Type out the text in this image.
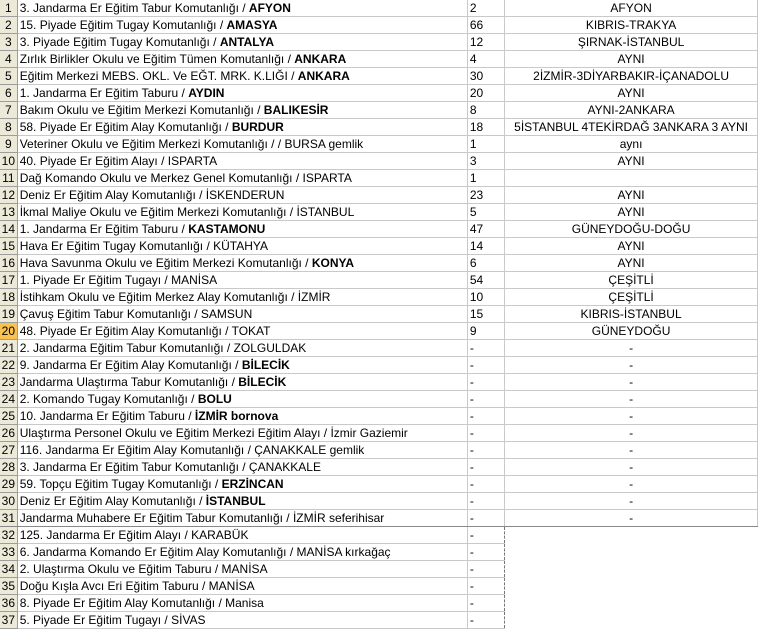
1	3. Jandarma Er Eğitim Tabur Komutanlığı / AFYON	2	AFYON
2	15. Piyade Eğitim Tugay Komutanlığı / AMASYA	66	KIBRIS-TRAKYA
3	3. Piyade Eğitim Tugay Komutanlığı / ANTALYA	12	ŞIRNAK-İSTANBUL
4	Zırlık Birlikler Okulu ve Eğitim Tümen Komutanlığı / ANKARA	4	AYNI
5	Eğitim Merkezi MEBS. OKL. Ve EĞT. MRK. K.LIĞI / ANKARA	30	2İZMİR-3DİYARBAKIR-İÇANADOLU
6	1. Jandarma Er Eğitim Taburu / AYDIN	20	AYNI
7	Bakım Okulu ve Eğitim Merkezi Komutanlığı / BALIKESİR	8	AYNI-2ANKARA
8	58. Piyade Er Eğitim Alay Komutanlığı / BURDUR	18	5İSTANBUL 4TEKİRDAĞ 3ANKARA 3 AYNI
9	Veteriner Okulu ve Eğitim Merkezi Komutanlığı / / BURSA gemlik	1	aynı
10	40. Piyade Er Eğitim Alayı / ISPARTA	3	AYNI
11	Dağ Komando Okulu ve Merkez Genel Komutanlığı / ISPARTA	1	
12	Deniz Er Eğitim Alay Komutanlığı / İSKENDERUN	23	AYNI
13	İkmal Maliye Okulu ve Eğitim Merkezi Komutanlığı / İSTANBUL	5	AYNI
14	1. Jandarma Er Eğitim Taburu / KASTAMONU	47	GÜNEYDOĞU-DOĞU
15	Hava Er Eğitim Tugay Komutanlığı / KÜTAHYA	14	AYNI
16	Hava Savunma Okulu ve Eğitim Merkezi Komutanlığı / KONYA	6	AYNI
17	1. Piyade Er Eğitim Tugayı / MANİSA	54	ÇEŞİTLİ
18	İstihkam Okulu ve Eğitim Merkez Alay Komutanlığı / İZMİR	10	ÇEŞİTLİ
19	Çavuş Eğitim Tabur Komutanlığı / SAMSUN	15	KIBRIS-İSTANBUL
20	48. Piyade Er Eğitim Alay Komutanlığı / TOKAT	9	GÜNEYDOĞU
21	2. Jandarma Eğitim Tabur Komutanlığı / ZOLGULDAK	-	-
22	9. Jandarma Er Eğitim Alay Komutanlığı / BİLECİK	-	-
23	Jandarma Ulaştırma Tabur Komutanlığı / BİLECİK	-	-
24	2. Komando Tugay Komutanlığı / BOLU	-	-
25	10. Jandarma Er Eğitim Taburu / İZMİR bornova	-	-
26	Ulaştırma Personel Okulu ve Eğitim Merkezi Eğitim Alayı / İzmir Gaziemir	-	-
27	116. Jandarma Er Eğitim Alay Komutanlığı / ÇANAKKALE gemlik	-	-
28	3. Jandarma Er Eğitim Tabur Komutanlığı / ÇANAKKALE	-	-
29	59. Topçu Eğitim Tugay Komutanlığı / ERZİNCAN	-	-
30	Deniz Er Eğitim Alay Komutanlığı / İSTANBUL	-	-
31	Jandarma Muhabere Er Eğitim Tabur Komutanlığı / İZMİR seferihisar	-	-
32	125. Jandarma Er Eğitim Alayı / KARABÜK	-	
33	6. Jandarma Komando Er Eğitim Alay Komutanlığı / MANİSA kırkağaç	-	
34	2. Ulaştırma Okulu ve Eğitim Taburu / MANİSA	-	
35	Doğu Kışla Avcı Eri Eğitim Taburu / MANİSA	-	
36	8. Piyade Er Eğitim Alay Komutanlığı / Manisa	-	
37	5. Piyade Er Eğitim Tugayı / SİVAS	-	
